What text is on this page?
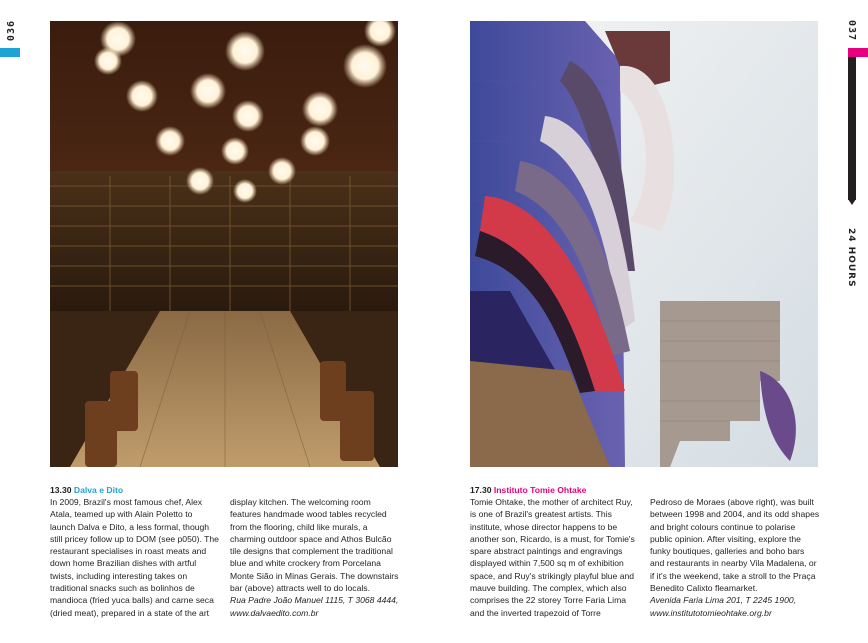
036
13.30 Dalva e Dito

In 2009, Brazil's most famous chef, Alex Atala, teamed up with Alain Poletto to launch Dalva e Dito, a less formal, though still pricey follow up to DOM (see p050). The restaurant specialises in roast meats and down home Brazilian dishes with artful twists, including interesting takes on traditional snacks such as bolinhos de mandioca (fried yuca balls) and carne seca (dried meat), prepared in a state of the art

display kitchen. The welcoming room features handmade wood tables recycled from the flooring, child like murals, a charming outdoor space and Athos Bulcão tile designs that complement the traditional blue and white crockery from Porcelana Monte Sião in Minas Gerais. The downstairs bar (above) attracts well to do locals.

Rua Padre João Manuel 1115, T 3068 4444, www.dalvaedito.com.br

037
24 HOURS
17.30 Instituto Tomie Ohtake

Tomie Ohtake, the mother of architect Ruy, is one of Brazil's greatest artists. This institute, whose director happens to be another son, Ricardo, is a must, for Tomie's spare abstract paintings and engravings displayed within 7,500 sq m of exhibition space, and Ruy's strikingly playful blue and mauve building. The complex, which also comprises the 22 storey Torre Faria Lima and the inverted trapezoid of Torre

Pedroso de Moraes (above right), was built between 1998 and 2004, and its odd shapes and bright colours continue to polarise public opinion. After visiting, explore the funky boutiques, galleries and boho bars and restaurants in nearby Vila Madalena, or if it's the weekend, take a stroll to the Praça Benedito Calixto fleamarket.

Avenida Faria Lima 201, T 2245 1900, www.institutotomieohtake.org.br
